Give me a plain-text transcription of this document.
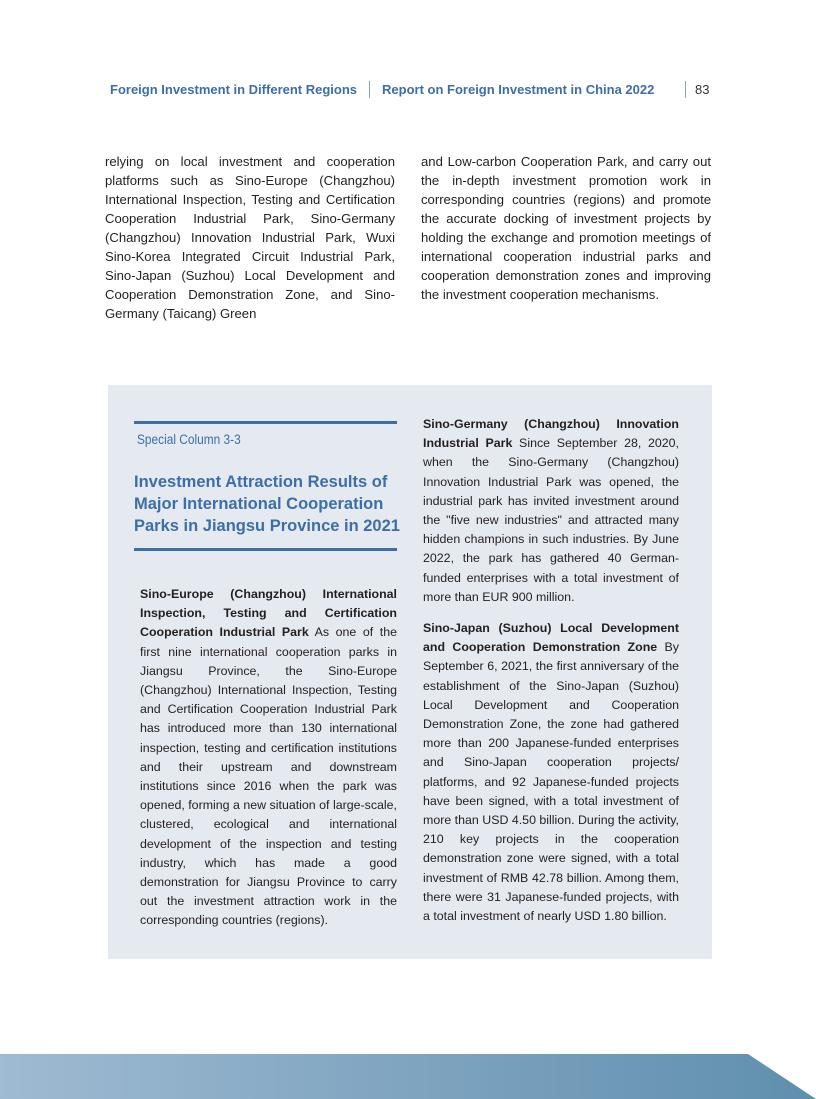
Foreign Investment in Different Regions Report on Foreign Investment in China 2022	83

relying on local investment and cooperation platforms such as Sino-Europe (Changzhou) International Inspection, Testing and Certification Cooperation Industrial Park, Sino-Germany (Changzhou) Innovation Industrial Park, Wuxi Sino-Korea Integrated Circuit Industrial Park, Sino-Japan (Suzhou) Local Development and Cooperation Demonstration Zone, and Sino-Germany (Taicang) Green

and Low-carbon Cooperation Park, and carry out the in-depth investment promotion work in corresponding countries (regions) and promote the accurate docking of investment projects by holding the exchange and promotion meetings of international cooperation industrial parks and cooperation demonstration zones and improving the investment cooperation mechanisms.

Special Column 3-3
Investment Attraction Results of Major International Cooperation Parks in Jiangsu Province in 2021

Sino-Europe (Changzhou) International Inspection, Testing and Certification Cooperation Industrial Park As one of the first nine international cooperation parks in Jiangsu Province, the Sino-Europe (Changzhou) International Inspection, Testing and Certification Cooperation Industrial Park has introduced more than 130 international inspection, testing and certification institutions and their upstream and downstream institutions since 2016 when the park was opened, forming a new situation of large-scale, clustered, ecological and international development of the inspection and testing industry, which has made a good demonstration for Jiangsu Province to carry out the investment attraction work in the corresponding countries (regions).

Sino-Germany (Changzhou) Innovation Industrial Park Since September 28, 2020, when the Sino-Germany (Changzhou) Innovation Industrial Park was opened, the industrial park has invited investment around the "five new industries" and attracted many hidden champions in such industries. By June 2022, the park has gathered 40 German-funded enterprises with a total investment of more than EUR 900 million.

Sino-Japan (Suzhou) Local Development and Cooperation Demonstration Zone By September 6, 2021, the first anniversary of the establishment of the Sino-Japan (Suzhou) Local Development and Cooperation Demonstration Zone, the zone had gathered more than 200 Japanese-funded enterprises and Sino-Japan cooperation projects/ platforms, and 92 Japanese-funded projects have been signed, with a total investment of more than USD 4.50 billion. During the activity, 210 key projects in the cooperation demonstration zone were signed, with a total investment of RMB 42.78 billion. Among them, there were 31 Japanese-funded projects, with a total investment of nearly USD 1.80 billion.
